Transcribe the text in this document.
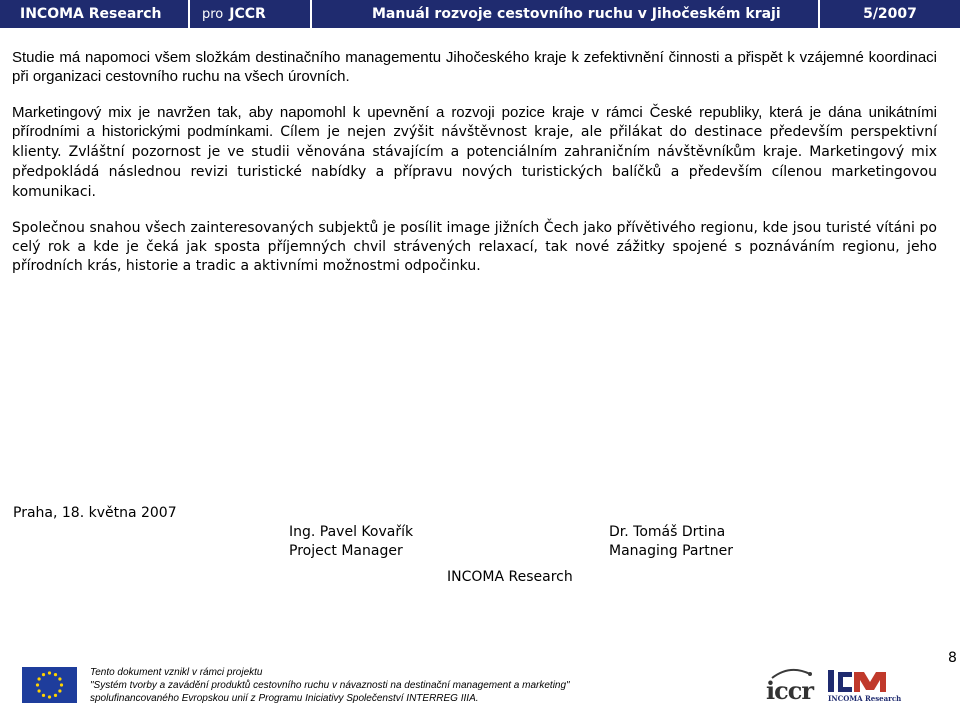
INCOMA Research	pro JCCR	Manuál rozvoje cestovního ruchu v Jihočeském kraji	5/2007

Studie má napomoci všem složkám destinačního managementu Jihočeského kraje k zefektivnění činnosti a přispět k vzájemné koordinaci při organizaci cestovního ruchu na všech úrovních.

Marketingový mix je navržen tak, aby napomohl k upevnění a rozvoji pozice kraje v rámci České republiky, která je dána unikátními přírodními a historickými podmínkami. Cílem je nejen zvýšit návštěvnost kraje, ale přilákat do destinace především perspektivní klienty. Zvláštní pozornost je ve studii věnována stávajícím a potenciálním zahraničním návštěvníkům kraje. Marketingový mix předpokládá následnou revizi turistické nabídky a přípravu nových turistických balíčků a především cílenou marketingovou komunikaci.

Společnou snahou všech zainteresovaných subjektů je posílit image jižních Čech jako přívětivého regionu, kde jsou turisté vítáni po celý rok a kde je čeká jak sposta příjemných chvil strávených relaxací, tak nové zážitky spojené s poznáváním regionu, jeho přírodních krás, historie a tradic a aktivními možnostmi odpočinku.

Praha, 18. května 2007
Ing. Pavel Kovařík
Project Manager
Dr. Tomáš Drtina
Managing Partner
INCOMA Research
8
Tento dokument vznikl v rámci projektu
"Systém tvorby a zavádění produktů cestovního ruchu v návaznosti na destinační management a marketing"
spolufinancovaného Evropskou unií z Programu Iniciativy Společenství INTERREG IIIA.	iccr INCOMA Research
